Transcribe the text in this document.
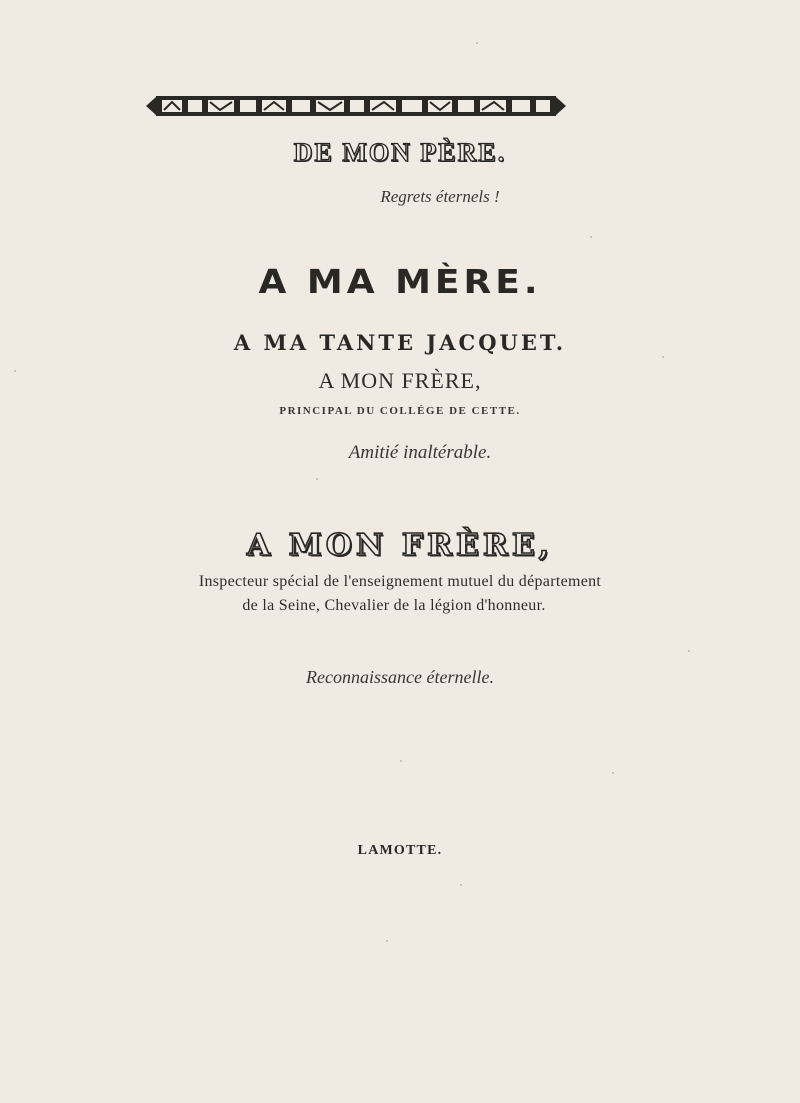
DE MON PÈRE.
Regrets éternels !
A MA MÈRE.
A MA TANTE JACQUET.
A MON FRÈRE,
PRINCIPAL DU COLLÉGE DE CETTE.
Amitié inaltérable.
A MON FRÈRE,
Inspecteur spécial de l'enseignement mutuel du département
de la Seine, Chevalier de la légion d'honneur.
Reconnaissance éternelle.
LAMOTTE.
